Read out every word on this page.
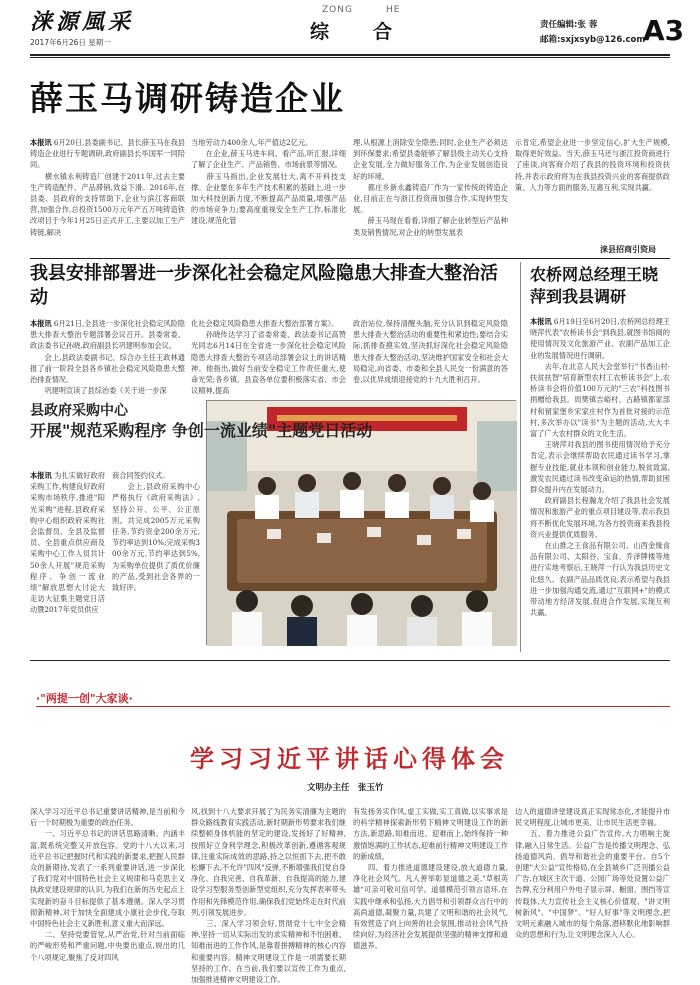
涞源風采
2017年6月26日 星期一
ZONG	HE
综 合	责任编辑:张 蓉
邮箱:sxjxsyb@126.com
A3
薛玉马调研铸造企业
本报讯 6月20日,县委副书记、县长薛玉马在我县铸造企业进行专题调研,政府副县长毕国军一同陪同。
　　横水镇永利铸造厂创建于2011年,过去主要生产铸造配件、产品滞销,效益下滑。2016年,在县委、县政府的支持帮助下,企业与滨江客商联营,加强合作,总投资1500万元年产五万吨铸造铁改项目于今年1月25日正式开工,主要以加工生产铸链,解决
当地劳动力400余人,年产值达2亿元。
　　在企业,薛玉马进车间、看产品,听汇报,详细了解了企业生产、产品销售、市场前景等情况。
　　薛玉马指出,企业发展壮大,离不开科技支撑。企业要在多年生产技术积累的基础上,进一步加大科技创新力度,不断提高产品质量,增强产品的市场竞争力;要高度重视安全生产工作,标准化建设,规范化管
理,从根源上消除安全隐患;同时,企业生产必须达到环保要求;希望县委能够了解县级主动关心支持企业发展,全力做好服务工作,为企业发展创造良好的环境。
　　都庄乡新永鑫铸造厂作为一家传统的铸造企业,目前正在与浙江投资商加强合作,实现转型发展。
　　薛玉马现在看看,详细了解企业转型后产品种类及销售情况,对企业的转型发展表
示肯定,希望企业进一步坚定信心,扩大生产规模,取得更好效益。当天,薛玉马还与浙江投资商进行了座谈,向客商介绍了我县的投资环境和投资扶持,并表示政府将为在我县投资兴业的客商提供政策、人力等方面的服务,互惠互利,实现共赢。
涞县招商引资局
我县安排部署进一步深化社会稳定风险隐患大排查大整治活动
本报讯 6月21日,全县进一步深化社会稳定风险隐患大排查大整治专题部署会议召开。县委常委、政法委书记孙晓,政府副县长巩建明参加会议。
　　会上,县政法委副书记、综合办主任王政林通报了前一阶段全县各乡镇社会稳定风险隐患大整治排查情况。
　　巩建明宣读了县综治委《关于进一步深
化社会稳定风险隐患大排查大整治部署方案》。
　　孙晓传达学习了省委常委、政法委书记高赞光同志6月14日在全省进一步深化社会稳定风险隐患大排查大整治专项活动部署会议上的讲话精神。他指出,做好当前安全稳定工作责任重大,使命光荣;各乡镇、县直各单位要积极落实省、市会议精神,提高
政治站位,保持清醒头脑,充分认识到稳定风险隐患大排查大整治活动的重要性和紧迫性;要结合实际,抓排查摸实效,坚决抓好深化社会稳定风险隐患大排查大整治活动,坚决维护国家安全和社会大局稳定,向省委、市委和全县人民交一份满意的答卷,以优异成绩迎接党的十九大胜利召开。
农桥网总经理王晓萍到我县调研
本报讯 6月19日至6月20日,农桥网总经理王晓萍代表"农桥读书会"到我县,就图书馆阅的使用情况及文化旅游产业、农副产品加工企业的发展情况进行调研。
　　去年,在北京人民大会堂举行"书香山村·扶贫扶智"培育新型农村工农桥读书会"上,农桥读书会将价值100万元的"三农"科技图书捐赠给我县。周樊镇吉峪村、古路镇都家部村和留家堡乡宋家庄村作为首批对接的示范村,多次举办以"读书"为主题的活动,大大丰富了广大农村群众的文化生活。
　　王晓萍对我县的图书使用情况给予充分肯定,表示会继续帮助农民通过读书学习,掌握专业技能,就业本领和创业能力,脱贫致富,激发农民通过读书改变命运的热情,帮助贫困群众提升内在发展动力。
　　政府副县长程瀚龙介绍了我县社会发展情况和旅游产业的重点项目建设等,表示我县将不断优化发展环境,为各方投资商来我县投资兴业提供优质服务。
　　在山推之王食品有限公司、山西金缘食品有限公司、太阳谷、宝食、乔泽牌楼等地进行实地考察后,王晓萍一行认为我县历史文化悠久、农副产品品质优良,表示希望与我县进一步加强沟通交流,通过"互联网+"的模式带动地方经济发展,促进合作发展,实现互利共赢。
县政府采购中心
开展"规范采购程序 争创一流业绩"主题党日活动
本报讯 为扎实做好政府采购工作,构建良好政府采购市场秩序,推进"阳光采购"进程,县政府采购中心组织政府采购社会监督员、全县及监督员、全县重点供应商及采购中心工作人员共计50余人开展"规范采购程序、争创一流业绩"解放思想大讨论大走访大征集主题党日活动暨2017年党员供应
商合同签约仪式。
　　会上,县政府采购中心严格执行《政府采购法》,坚持公开、公平、公正原则。共完成2005万元采购任务,节约资金200余万元,节约率达到10%;完成采购300余万元,节约率达到5%,为采购单位提供了质优价廉的产品,受到社会各界的一致好评。
·"两提一创"大家谈·
学习习近平讲话心得体会
文明办主任　张玉竹
深入学习习近平总书记重要讲话精神,是当前和今后一个时期极为重要的政治任务。
　　一、习近平总书记的讲话思路清晰、内涵丰富,既系统完整又开放包容。党的十八大以来,习近平总书记把握时代和实践的新要求,把握人民群众的新期待,发表了一系列重要讲话,进一步深化了我们党对中国特色社会主义规律和马克思主义执政党建设规律的认识,为我们在新的历史起点上实现新的奋斗目标提供了基本遵循。深入学习贯彻新精神,对于加快全面建成小康社会步伐,夺取中国特色社会主义新胜利,意义重大而深远。
　　二、坚持党要管党,从严治党,针对当前面临的严峻形势和严重问题,中央要出重点,规出的几个八项规定,聚焦了反对四风
风,找到十八大要求开展了为民务实清廉为主题的群众路线教育实践活动,新时期新形势要求我们继续整顿身体机能的坚定的建设,发扬好了好精神,按照好立身利学理念,积极改革创新,遵循客观规律,注重实际成效的思路,持之以恒抓下去,把不敢松懈下去,不允许"四风"反弹,不断增强我们党自身净化、自我完善、自我革新、自我提高的能力,建设学习型服务型创新型党组织,充分发挥表率带头作用和先锋模范作用,确保我们党始终走在时代前列,引领发展进步。
　　三、深入学习领会好,贯彻党十七中全会精神,坚持一切从实际出发的求实精神和不怕困难、知难而进的工作作风,是靠着拼搏精神的核心内容和重要内容。精神文明建设工作是一项需要长期坚持的工作。在当前,我们要以宣传工作为重点,加强推进精神文明建设工作。
有发扬务实作风,虚工实做,实工真做,以实事求是的科学精神探索新形势下精神文明建设工作的新方法,新思路,知难而进、迎难而上,始终保持一种激情饱满的工作状态,迎难前行精神文明建设工作的新成绩。
　　四、着力推进道德建设建设,放大道德力量,净化社会风气。凡人善举彰显道德之美,"草根英雄"可亲可敬可信可学。道德模范引领言语环,在实践中继承和弘扬,大力倡导和引领群众言行中的高尚道德,凝聚力量,共建了文明和谐的社会风气,有效营造了向上向善的社会氛围,推动社会风气持续向好,为经济社会发展提供坚强的精神支撑和道德滋养。
边人的道德讲堂建设真正实现常态化,才能提升市民文明程度,让城市更美、让市民生活更幸福。
　　五、着力推进公益广告宣传,大力唱响主旋律,融入日常生活。公益广告是传播文明理念、弘扬道德风尚、倡导和谐社会的重要平台。自5个创建"大公益"宣传格局,在全县城乡广泛刊播公益广告,在城区主次干道、公园广场等处设置公益广告牌,充分利用户外电子显示屏、橱窗、围挡等宣传载体,大力宣传社会主义核心价值观、"讲文明树新风"、"中国梦"、"好人好事"等文明理念,把文明元素融入城市的每个角落,潜移默化地影响群众的思想和行为,让文明理念深入人心。
